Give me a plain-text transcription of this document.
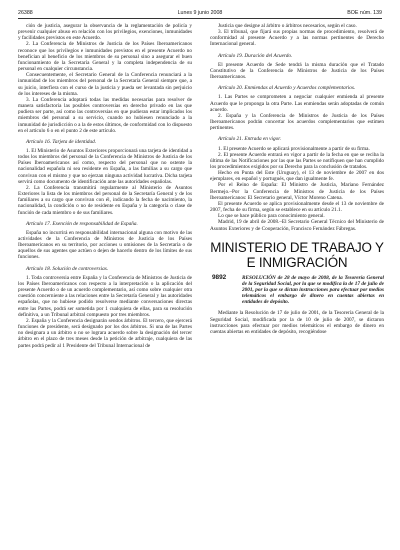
26388	Lunes 9 junio 2008	BOE núm. 139

ción de justicia, asegurar la observancia de la reglamentación de policía y prevenir cualquier abuso en relación con los privilegios, exenciones, inmunidades y facilidades previstos en este Acuerdo.

2. La Conferencia de Ministros de Justicia de los Países Iberoamericanos reconoce que los privilegios e inmunidades previstos en el presente Acuerdo no benefician al beneficio de los miembros de su personal sino a asegurar el buen funcionamiento de la Secretaría General y la completa independencia de su personal en cualquier circunstancia.

Consecuentemente, el Secretario General de la Conferencia renunciará a la inmunidad de los miembros del personal de la Secretaría General siempre que, a su juicio, interfiera con el curso de la justicia y pueda ser levantada sin perjuicio de los intereses de la misma.

3. La Conferencia adoptará todas las medidas necesarias para resolver de manera satisfactoria las posibles controversias en derecho privado en las que pudiera ser parte, así como las controversias en que pudieran estar implicados los miembros del personal a su servicio, cuando no hubiesen renunciado a la inmunidad de jurisdicción o a la de estos últimos, de conformidad con lo dispuesto en el artículo 6 o en el punto 2 de este artículo.

Artículo 16. Tarjeta de identidad.

1. El Ministerio de Asuntos Exteriores proporcionará una tarjeta de identidad a todos los miembros del personal de la Conferencia de Ministros de Justicia de los Países Iberoamericanos así como, respecto del personal que no ostente la nacionalidad española ni sea residente en España, a las familias a su cargo que convivan con el mismo y que no ejerzan ninguna actividad lucrativa. Dicha tarjeta servirá como documento de identificación ante las autoridades españolas.

2. La Conferencia transmitirá regularmente al Ministerio de Asuntos Exteriores la lista de los miembros del personal de la Secretaría General y de los familiares a su cargo que convivan con él, indicando la fecha de nacimiento, la nacionalidad, la condición o no de residente en España y la categoría o clase de función de cada miembro o de sus familiares.

Artículo 17. Exención de responsabilidad de España.

España no incurrirá en responsabilidad internacional alguna con motivo de las actividades de la Conferencia de Ministros de Justicia de los Países Iberoamericanos en su territorio, por acciones u omisiones de la Secretaría o de aquellos de sus agentes que actúen o dejen de hacerlo dentro de los límites de sus funciones.

Artículo 18. Solución de controversias.

1. Toda controversia entre España y la Conferencia de Ministros de Justicia de los Países Iberoamericanos con respecto a la interpretación o la aplicación del presente Acuerdo o de un acuerdo complementario, así como sobre cualquier otra cuestión concerniente a las relaciones entre la Secretaría General y las autoridades españolas, que no hubiese podido resolverse mediante conversaciones directas entre las Partes, podrá ser sometida por 1 cualquiera de ellas, para su resolución definitiva, a un Tribunal arbitral compuesto por tres miembros.

2. España y la Conferencia designarán sendos árbitros. El tercero, que ejercerá funciones de presidente, será designado por los dos árbitros. Si una de las Partes no designara a un árbitro o no se lograra acuerdo sobre la designación del tercer árbitro en el plazo de tres meses desde la petición de arbitraje, cualquiera de las partes podrá pedir al 1 Presidente del Tribunal Internacional de

Justicia que designe al árbitro o árbitros necesarios, según el caso.

3. El tribunal, que fijará sus propias normas de procedimiento, resolverá de conformidad al presente Acuerdo y a las normas pertinentes de Derecho Internacional general.

Artículo 19. Duración del Acuerdo.

El presente Acuerdo de Sede tendrá la misma duración que el Tratado Constitutivo de la Conferencia de Ministros de Justicia de los Países Iberoamericanos.

Artículo 20. Enmiendas al Acuerdo y Acuerdos complementarios.

1. Las Partes se comprometen a negociar cualquier enmienda al presente Acuerdo que le proponga la otra Parte. Las enmiendas serán adoptadas de común acuerdo.

2. España y la Conferencia de Ministros de Justicia de los Países Iberoamericanos podrán concertar los acuerdos complementarios que estimen pertinentes.

Artículo 21. Entrada en vigor.

1. El presente Acuerdo se aplicará provisionalmente a partir de su firma.

2. El presente Acuerdo entrará en vigor a partir de la fecha en que se reciba la última de las Notificaciones por las que las Partes se notifiquen que han cumplido los procedimientos exigidos por su Derecho para la conclusión de tratados.

Hecho en Punta del Este (Uruguay), el 13 de noviembre de 2007 en dos ejemplares, en español y portugués, que dan igualmente fe.

Por el Reino de España: El Ministro de Justicia, Mariano Fernández Bermejo.–Por la Conferencia de Ministros de Justicia de los Países Iberoamericanos: El Secretario general, Víctor Moreno Catena.

El presente Acuerdo se aplica provisionalmente desde el 13 de noviembre de 2007, fecha de su firma, según se establece en su artículo 21.1.

Lo que se hace público para conocimiento general.

Madrid, 19 de abril de 2008.–El Secretario General Técnico del Ministerio de Asuntos Exteriores y de Cooperación, Francisco Fernández Fábregas.

MINISTERIO DE TRABAJO Y E INMIGRACIÓN
9892	RESOLUCIÓN de 28 de mayo de 2008, de la Tesorería General de la Seguridad Social, por la que se modifica la de 17 de julio de 2001, por la que se dictan instrucciones para efectuar por medios telemáticos el embargo de dinero en cuentas abiertas en entidades de depósito.

Mediante la Resolución de 17 de julio de 2001, de la Tesorería General de la Seguridad Social, modificada por la de 10 de julio de 2007, se dictaron instrucciones para efectuar por medios telemáticos el embargo de dinero en cuentas abiertas en entidades de depósito, recogiéndose
